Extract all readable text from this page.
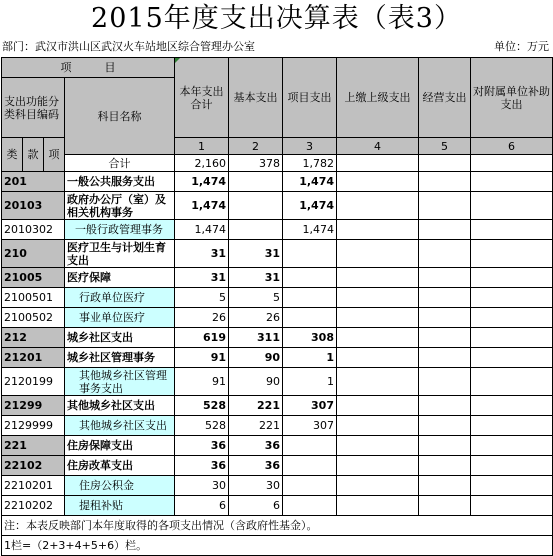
2015年度支出决算表（表3）
部门：武汉市洪山区武汉火车站地区综合管理办公室	单位：万元
项　　　目				本年支出合计	基本支出	项目支出	上缴上级支出	经营支出	对附属单位补助支出
支出功能分类科目编码			科目名称						

类	款	项		1	2	3	4	5	6
			合计	2,160	378	1,782			
201			一般公共服务支出	1,474		1,474			
20103			政府办公厅（室）及相关机构事务	1,474		1,474			
2010302			一般行政管理事务	1,474		1,474			
210			医疗卫生与计划生育支出	31	31				
21005			医疗保障	31	31				
2100501			行政单位医疗	5	5				
2100502			事业单位医疗	26	26				
212			城乡社区支出	619	311	308			
21201			城乡社区管理事务	91	90	1			
2120199			其他城乡社区管理事务支出	91	90	1			
21299			其他城乡社区支出	528	221	307			
2129999			其他城乡社区支出	528	221	307			
221			住房保障支出	36	36				
22102			住房改革支出	36	36				
2210201			住房公积金	30	30				
2210202			提租补贴	6	6				
注：本表反映部门本年度取得的各项支出情况（含政府性基金）。									
1栏=（2+3+4+5+6）栏。									
